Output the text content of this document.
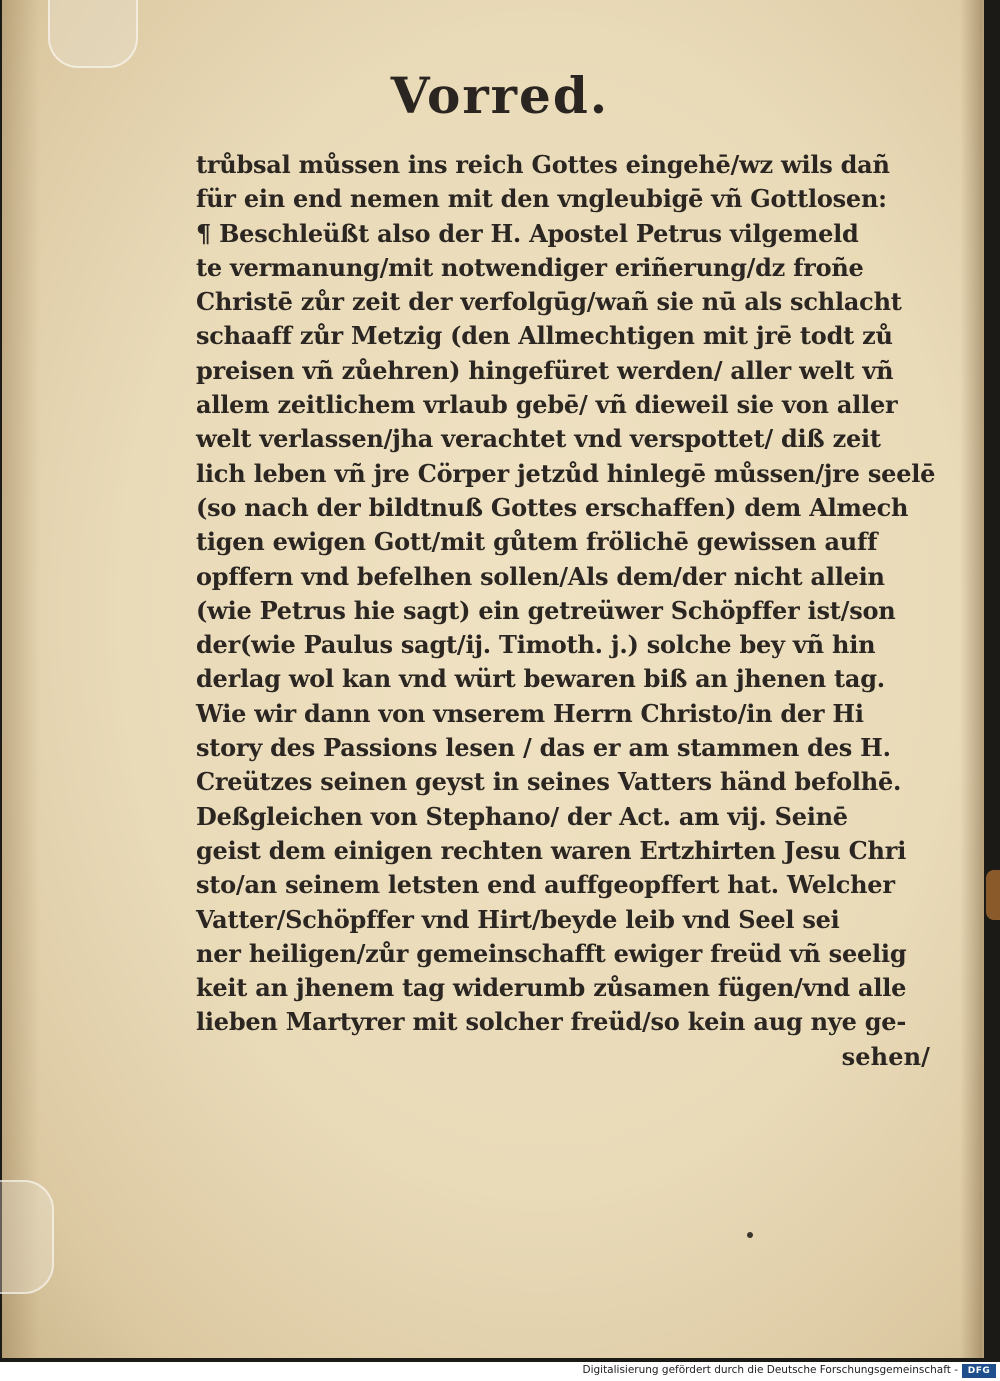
Vorred.
trůbsal můssen ins reich Gottes eingehē/wz wils dañ
für ein end nemen mit den vngleubigē vñ Gottlosen:
¶ Beschleüßt also der H. Apostel Petrus vilgemeld
te vermanung/mit notwendiger eriñerung/dz froñe
Christē zůr zeit der verfolgūg/wañ sie nū als schlacht
schaaff zůr Metzig (den Allmechtigen mit jrē todt zů
preisen vñ zůehren) hingefüret werden/ aller welt vñ
allem zeitlichem vrlaub gebē/ vñ dieweil sie von aller
welt verlassen/jha verachtet vnd verspottet/ diß zeit
lich leben vñ jre Cörper jetzůd hinlegē můssen/jre seelē
(so nach der bildtnuß Gottes erschaffen) dem Almech
tigen ewigen Gott/mit gůtem frölichē gewissen auff
opffern vnd befelhen sollen/Als dem/der nicht allein
(wie Petrus hie sagt) ein getreüwer Schöpffer ist/son
der(wie Paulus sagt/ij. Timoth. j.) solche bey vñ hin
derlag wol kan vnd würt bewaren biß an jhenen tag.
Wie wir dann von vnserem Herrn Christo/in der Hi
story des Passions lesen / das er am stammen des H.
Creützes seinen geyst in seines Vatters händ befolhē.
Deßgleichen von Stephano/ der Act. am vij. Seinē
geist dem einigen rechten waren Ertzhirten Jesu Chri
sto/an seinem letsten end auffgeopffert hat. Welcher
Vatter/Schöpffer vnd Hirt/beyde leib vnd Seel sei
ner heiligen/zůr gemeinschafft ewiger freüd vñ seelig
keit an jhenem tag widerumb zůsamen fügen/vnd alle
lieben Martyrer mit solcher freüd/so kein aug nye ge-
sehen/
Digitalisierung gefördert durch die Deutsche Forschungsgemeinschaft -	DFG
